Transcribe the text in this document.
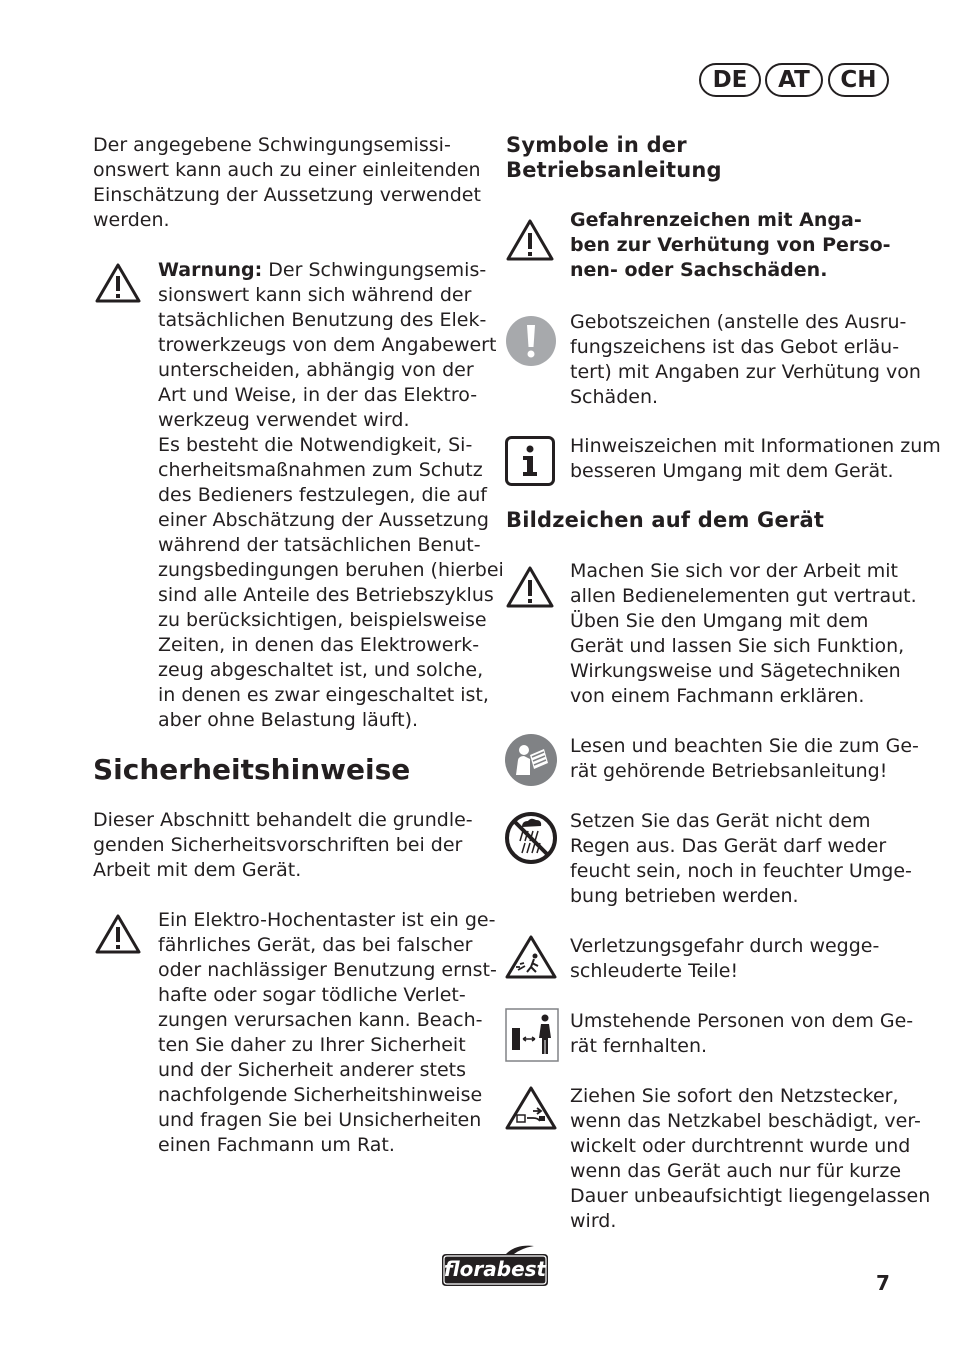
DE	AT	CH
Der angegebene Schwingungsemissi-
onswert kann auch zu einer einleitenden
Einschätzung der Aussetzung verwendet
werden.
Warnung: Der Schwingungsemis-
sionswert kann sich während der
tatsächlichen Benutzung des Elek-
trowerkzeugs von dem Angabewert
unterscheiden, abhängig von der
Art und Weise, in der das Elektro-
werkzeug verwendet wird.
Es besteht die Notwendigkeit, Si-
cherheitsmaßnahmen zum Schutz
des Bedieners festzulegen, die auf
einer Abschätzung der Aussetzung
während der tatsächlichen Benut-
zungsbedingungen beruhen (hierbei
sind alle Anteile des Betriebszyklus
zu berücksichtigen, beispielsweise
Zeiten, in denen das Elektrowerk-
zeug abgeschaltet ist, und solche,
in denen es zwar eingeschaltet ist,
aber ohne Belastung läuft).
Sicherheitshinweise
Dieser Abschnitt behandelt die grundle-
genden Sicherheitsvorschriften bei der
Arbeit mit dem Gerät.
Ein Elektro-Hochentaster ist ein ge-
fährliches Gerät, das bei falscher
oder nachlässiger Benutzung ernst-
hafte oder sogar tödliche Verlet-
zungen verursachen kann. Beach-
ten Sie daher zu Ihrer Sicherheit
und der Sicherheit anderer stets
nachfolgende Sicherheitshinweise
und fragen Sie bei Unsicherheiten
einen Fachmann um Rat.
Symbole in der
Betriebsanleitung
Gefahrenzeichen mit Anga-
ben zur Verhütung von Perso-
nen- oder Sachschäden.
Gebotszeichen (anstelle des Ausru-
fungszeichens ist das Gebot erläu-
tert) mit Angaben zur Verhütung von
Schäden.
Hinweiszeichen mit Informationen zum
besseren Umgang mit dem Gerät.
Bildzeichen auf dem Gerät
Machen Sie sich vor der Arbeit mit
allen Bedienelementen gut vertraut.
Üben Sie den Umgang mit dem
Gerät und lassen Sie sich Funktion,
Wirkungsweise und Sägetechniken
von einem Fachmann erklären.
Lesen und beachten Sie die zum Ge-
rät gehörende Betriebsanleitung!
Setzen Sie das Gerät nicht dem
Regen aus. Das Gerät darf weder
feucht sein, noch in feuchter Umge-
bung betrieben werden.
Verletzungsgefahr durch wegge-
schleuderte Teile!
Umstehende Personen von dem Ge-
rät fernhalten.
Ziehen Sie sofort den Netzstecker,
wenn das Netzkabel beschädigt, ver-
wickelt oder durchtrennt wurde und
wenn das Gerät auch nur für kurze
Dauer unbeaufsichtigt liegengelassen
wird.
florabest
7
